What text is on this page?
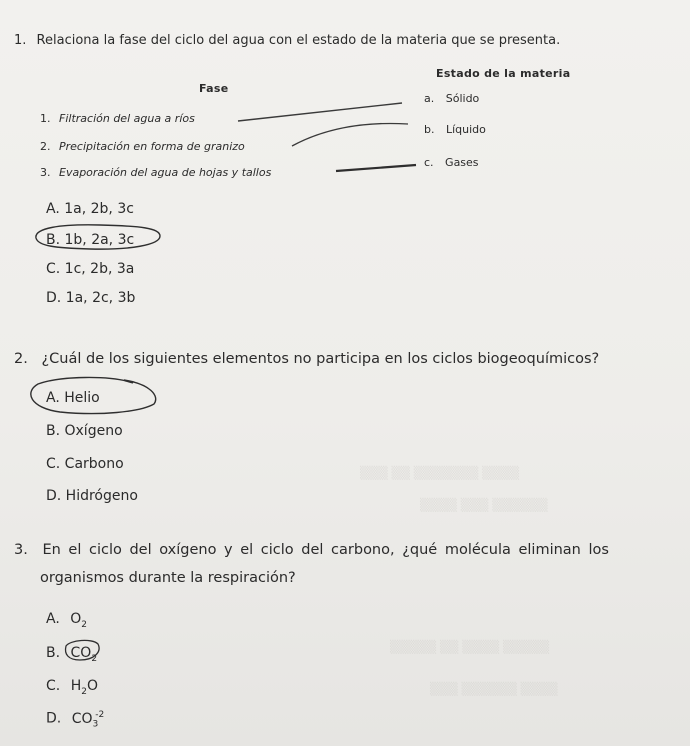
▒▒▒ ▒▒ ▒▒▒▒▒▒▒ ▒▒▒▒
▒▒▒▒ ▒▒▒ ▒▒▒▒▒▒
▒▒▒▒▒ ▒▒ ▒▒▒▒ ▒▒▒▒▒
▒▒▒ ▒▒▒▒▒▒ ▒▒▒▒
1. Relaciona la fase del ciclo del agua con el estado de la materia que se presenta.
Fase
Estado de la materia
1. Filtración del agua a ríos
2. Precipitación en forma de granizo
3. Evaporación del agua de hojas y tallos
a. Sólido
b. Líquido
c. Gases
A. 1a, 2b, 3c
B. 1b, 2a, 3c
C. 1c, 2b, 3a
D. 1a, 2c, 3b
2. ¿Cuál de los siguientes elementos no participa en los ciclos biogeoquímicos?
A. Helio
B. Oxígeno
C. Carbono
D. Hidrógeno
3. En el ciclo del oxígeno y el ciclo del carbono, ¿qué molécula eliminan los
organismos durante la respiración?
A. $O_2$
B. $CO_2$
C. $H_2O$
D. $CO_3^{-2}$
